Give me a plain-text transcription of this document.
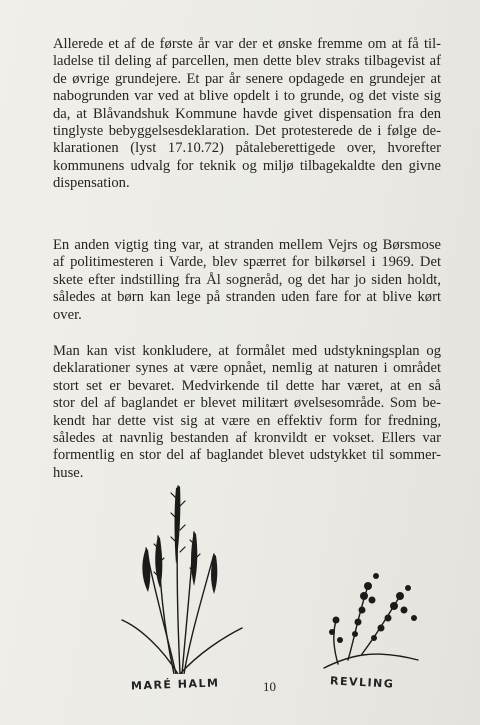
Allerede et af de første år var der et ønske fremme om at få til-
ladelse til deling af parcellen, men dette blev straks tilbagevist af
de øvrige grundejere. Et par år senere opdagede en grundejer at
nabogrunden var ved at blive opdelt i to grunde, og det viste sig
da, at Blåvandshuk Kommune havde givet dispensation fra den
tinglyste bebyggelsesdeklaration. Det protesterede de i følge de-
klarationen (lyst 17.10.72) påtaleberettigede over, hvorefter
kommunens udvalg for teknik og miljø tilbagekaldte den givne
dispensation.
En anden vigtig ting var, at stranden mellem Vejrs og Børsmose
af politimesteren i Varde, blev spærret for bilkørsel i 1969. Det
skete efter indstilling fra Ål sogneråd, og det har jo siden holdt,
således at børn kan lege på stranden uden fare for at blive kørt
over.
Man kan vist konkludere, at formålet med udstykningsplan og
deklarationer synes at være opnået, nemlig at naturen i området
stort set er bevaret. Medvirkende til dette har været, at en så
stor del af baglandet er blevet militært øvelsesområde. Som be-
kendt har dette vist sig at være en effektiv form for fredning,
således at navnlig bestanden af kronvildt er vokset. Ellers var
formentlig en stor del af baglandet blevet udstykket til sommer-
huse.
MARÉ HALM	10	REVLING
